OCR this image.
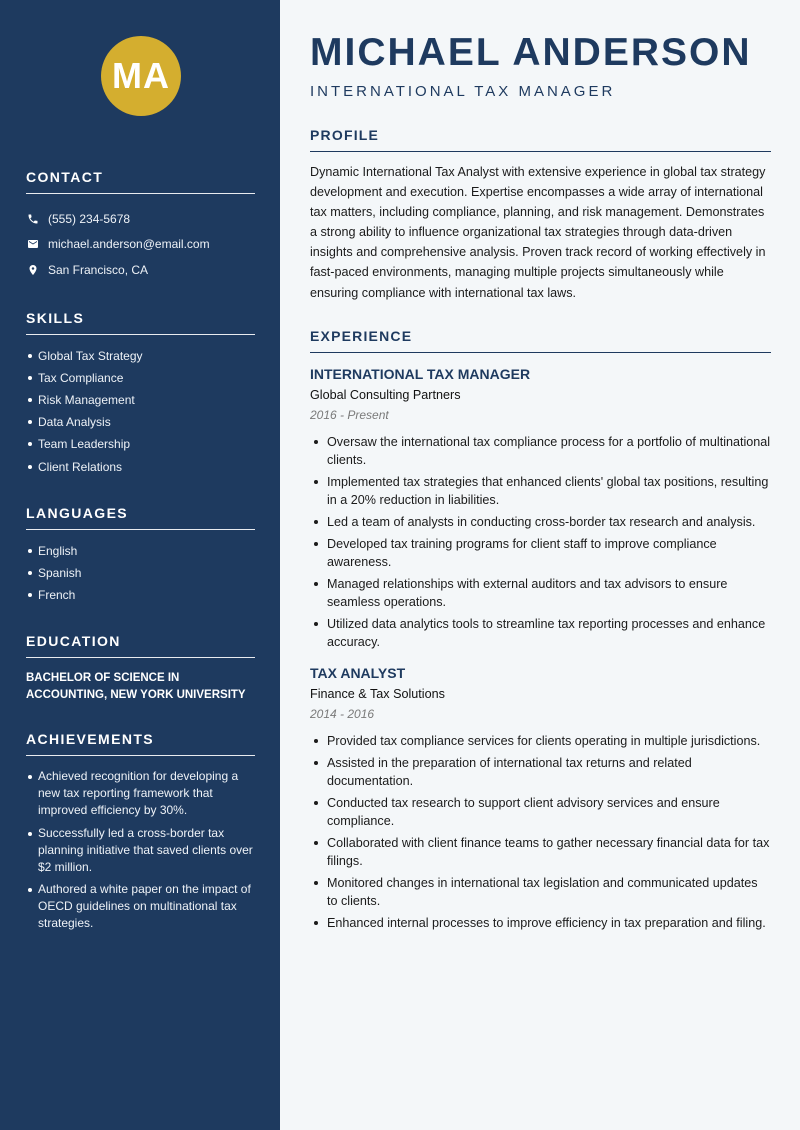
MA
CONTACT
(555) 234-5678
michael.anderson@email.com
San Francisco, CA
SKILLS
Global Tax Strategy
Tax Compliance
Risk Management
Data Analysis
Team Leadership
Client Relations
LANGUAGES
English
Spanish
French
EDUCATION

BACHELOR OF SCIENCE IN ACCOUNTING, NEW YORK UNIVERSITY

ACHIEVEMENTS
Achieved recognition for developing a new tax reporting framework that improved efficiency by 30%.
Successfully led a cross-border tax planning initiative that saved clients over $2 million.
Authored a white paper on the impact of OECD guidelines on multinational tax strategies.
MICHAEL ANDERSON
INTERNATIONAL TAX MANAGER
PROFILE

Dynamic International Tax Analyst with extensive experience in global tax strategy development and execution. Expertise encompasses a wide array of international tax matters, including compliance, planning, and risk management. Demonstrates a strong ability to influence organizational tax strategies through data-driven insights and comprehensive analysis. Proven track record of working effectively in fast-paced environments, managing multiple projects simultaneously while ensuring compliance with international tax laws.

EXPERIENCE
INTERNATIONAL TAX MANAGER
Global Consulting Partners
2016 - Present
Oversaw the international tax compliance process for a portfolio of multinational clients.
Implemented tax strategies that enhanced clients' global tax positions, resulting in a 20% reduction in liabilities.
Led a team of analysts in conducting cross-border tax research and analysis.
Developed tax training programs for client staff to improve compliance awareness.
Managed relationships with external auditors and tax advisors to ensure seamless operations.
Utilized data analytics tools to streamline tax reporting processes and enhance accuracy.
TAX ANALYST
Finance & Tax Solutions
2014 - 2016
Provided tax compliance services for clients operating in multiple jurisdictions.
Assisted in the preparation of international tax returns and related documentation.
Conducted tax research to support client advisory services and ensure compliance.
Collaborated with client finance teams to gather necessary financial data for tax filings.
Monitored changes in international tax legislation and communicated updates to clients.
Enhanced internal processes to improve efficiency in tax preparation and filing.
